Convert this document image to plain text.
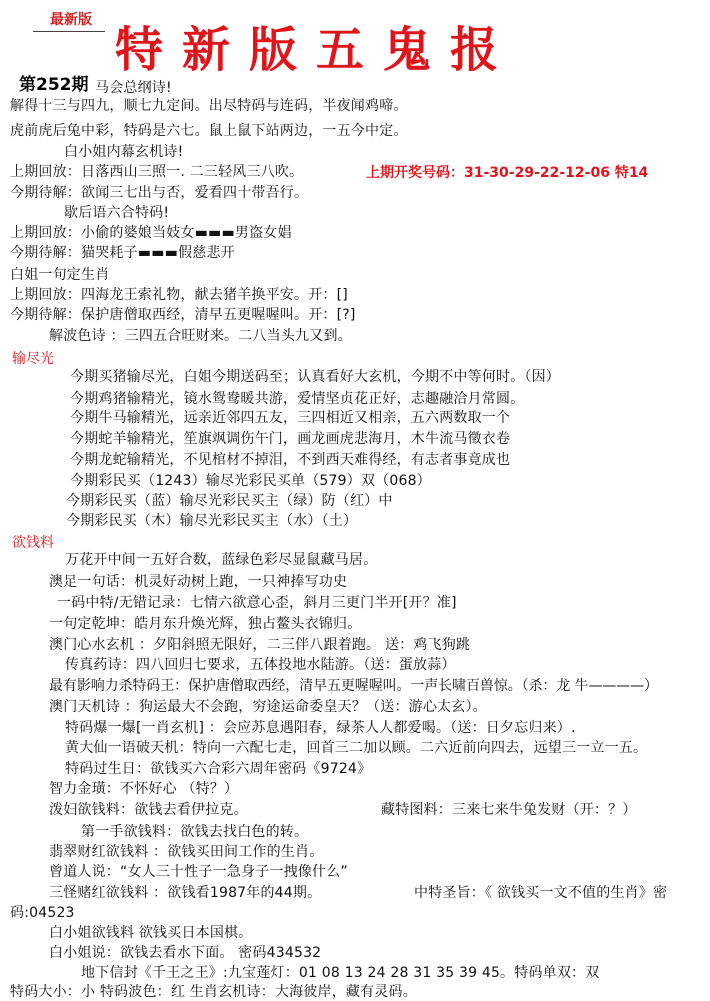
最新版
特新版五鬼报
第252期 马会总纲诗!
解得十三与四九，顺七九定间。出尽特码与连码，半夜闻鸡啼。
虎前虎后兔中彩，特码是六七。鼠上鼠下站两边，一五今中定。
白小姐内幕玄机诗!
上期回放：日落西山三照一. 二三轻风三八吹。	上期开奖号码：31-30-29-22-12-06 特14
今期待解：欲闻三七出与否，爱看四十带吾行。
歇后语六合特码!
上期回放：小偷的婆娘当妓女▬▬▬男盗女娼
今期待解：猫哭耗子▬▬▬假慈悲开
白姐一句定生肖
上期回放：四海龙王索礼物，献去猪羊换平安。开：[]
今期待解：保护唐僧取西经，清早五更喔喔叫。开：[?]
解波色诗 ：三四五合旺财来。二八当头九又到。
输尽光
今期买猪输尽光，白姐今期送码至；认真看好大玄机，今期不中等何时。（因）
今期鸡猪输精光，镜水鸳鸯暖共游，爱情坚贞花正好，志趣融洽月常圆。
今期牛马输精光，远亲近邻四五友，三四相近又相亲，五六两数取一个
今期蛇羊输精光，笙旗飒调伤午门，画龙画虎悲海月，木牛流马徵衣卷
今期龙蛇输精光，不见棺材不掉泪，不到西天难得经，有志者事竟成也
今期彩民买（1243）输尽光彩民买单（579）双（068）
今期彩民买（蓝）输尽光彩民买主（绿）防（红）中
今期彩民买（木）输尽光彩民买主（水）（土）
欲钱料
万花开中间一五好合数，蓝绿色彩尽显鼠藏马居。
澳足一句话：机灵好动树上跑，一只神捧写功史
一码中特/无错记录：七情六欲意心歪，斜月三更门半开[开？准]
一句定乾坤：皓月东升焕光辉，独占鳌头衣锦归。
澳门心水玄机 ：夕阳斜照无限好，二三伴八跟着跑。 送：鸡飞狗跳
传真药诗：四八回归七要求，五体投地水陆游。（送：蛋放蒜）
最有影响力杀特码王：保护唐僧取西经，清早五更喔喔叫。一声长啸百兽惊。（杀：龙 牛————）
澳门天机诗 ：狗运最大不会跑，穷途运命委皇天？（送：游心太玄）。
特码爆一爆[一肖玄机] ：会应苏息遇阳春，绿茶人人都爱喝。（送：日夕忘归来）.
黄大仙一语破天机：特向一六配七走，回首三二加以顾。二六近前向四去，远望三一立一五。
特码过生日：欲钱买六合彩六周年密码《9724》
智力金璜：不怀好心 （特？）
泼妇欲钱料：欲钱去看伊拉克。	藏特图料：三来七来牛兔发财（开：？）
第一手欲钱料：欲钱去找白色的转。
翡翠财红欲钱料 ：欲钱买田间工作的生肖。
曾道人说：“女人三十性子一急身子一拽像什么”
三怪赌红欲钱料 ：欲钱看1987年的44期。	中特圣旨：《 欲钱买一文不值的生肖》密
码:04523
白小姐欲钱料 欲钱买日本国棋。
白小姐说：欲钱去看水下面。 密码434532
地下信封《千王之王》:九宝莲灯：01 08 13 24 28 31 35 39 45。特码单双：双
特码大小：小 特码波色：红 生肖玄机诗：大海彼岸，藏有灵码。
